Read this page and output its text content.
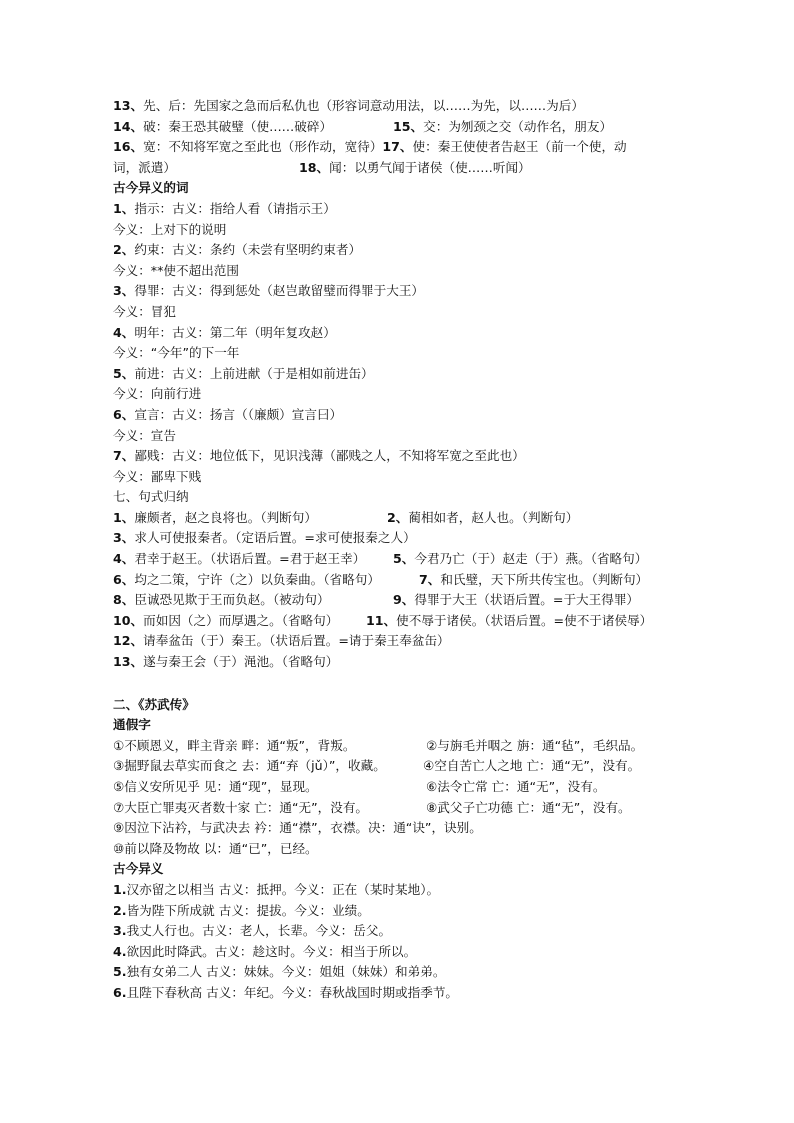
13、先、后：先国家之急而后私仇也（形容词意动用法，以……为先，以……为后）
14、破：秦王恐其破璧（使……破碎）	15、交：为刎颈之交（动作名，朋友）
16、宽：不知将军宽之至此也（形作动，宽待）17、使：秦王使使者告赵王（前一个使，动
词，派遣）	18、闻：以勇气闻于诸侯（使……听闻）
古今异义的词
1、指示：古义：指给人看（请指示王）
今义：上对下的说明
2、约束：古义：条约（未尝有坚明约束者）
今义：**使不超出范围
3、得罪：古义：得到惩处（赵岂敢留璧而得罪于大王）
今义：冒犯
4、明年：古义：第二年（明年复攻赵）
今义：“今年”的下一年
5、前进：古义：上前进献（于是相如前进缶）
今义：向前行进
6、宣言：古义：扬言（（廉颇）宣言曰）
今义：宣告
7、鄙贱：古义：地位低下，见识浅薄（鄙贱之人，不知将军宽之至此也）
今义：鄙卑下贱
七、句式归纳
1、廉颇者，赵之良将也。（判断句）	2、蔺相如者，赵人也。（判断句）
3、求人可使报秦者。（定语后置。=求可使报秦之人）
4、君幸于赵王。（状语后置。=君于赵王幸） 5、今君乃亡（于）赵走（于）燕。（省略句）
6、均之二策，宁许（之）以负秦曲。（省略句）	7、和氏璧，天下所共传宝也。（判断句）
8、臣诚恐见欺于王而负赵。（被动句）	9、得罪于大王（状语后置。=于大王得罪）
10、而如因（之）而厚遇之。（省略句） 11、使不辱于诸侯。（状语后置。=使不于诸侯辱）
12、请奉盆缶（于）秦王。（状语后置。=请于秦王奉盆缶）
13、遂与秦王会（于）渑池。（省略句）
二、《苏武传》
通假字
①不顾恩义，畔主背亲 畔：通“叛”，背叛。	②与旃毛并咽之 旃：通“毡”，毛织品。
③掘野鼠去草实而食之 去：通“弃（jǔ）”，收藏。	④空自苦亡人之地 亡：通“无”，没有。
⑤信义安所见乎 见：通“现”，显现。	⑥法令亡常 亡：通“无”，没有。
⑦大臣亡罪夷灭者数十家 亡：通“无”，没有。	⑧武父子亡功德 亡：通“无”，没有。
⑨因泣下沾衿，与武决去 衿：通“襟”，衣襟。决：通“诀”，诀别。
⑩前以降及物故 以：通“已”，已经。
古今异义
1.汉亦留之以相当 古义：抵押。今义：正在（某时某地）。
2.皆为陛下所成就 古义：提拔。今义：业绩。
3.我丈人行也。古义：老人，长辈。今义：岳父。
4.欲因此时降武。古义：趁这时。今义：相当于所以。
5.独有女弟二人 古义：妹妹。今义：姐姐（妹妹）和弟弟。
6.且陛下春秋高 古义：年纪。今义：春秋战国时期或指季节。
